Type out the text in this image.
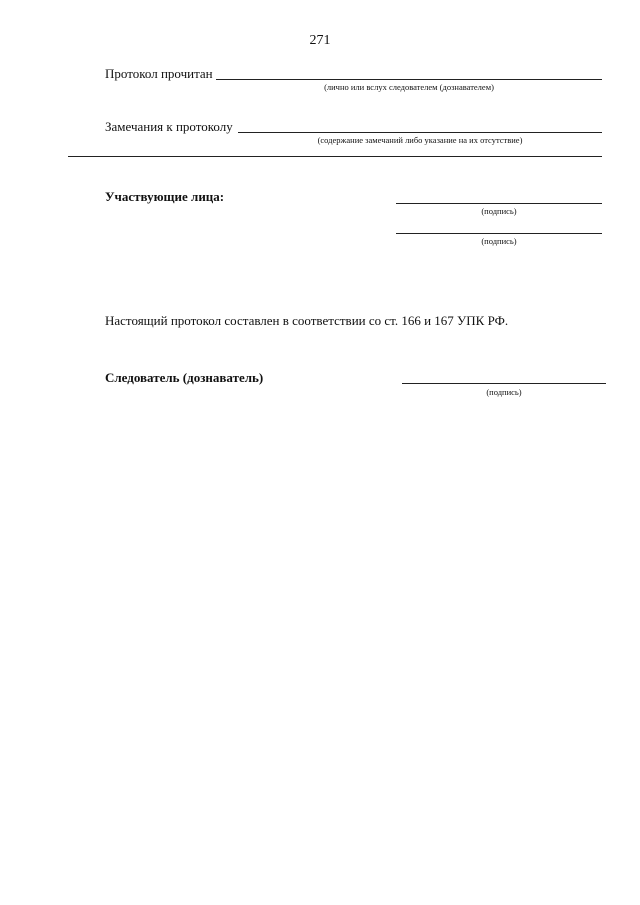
271
Протокол прочитан
(лично или вслух следователем (дознавателем)
Замечания к протоколу
(содержание замечаний либо указание на их отсутствие)
Участвующие лица:
(подпись)
(подпись)
Настоящий протокол составлен в соответствии со ст. 166 и 167 УПК РФ.
Следователь (дознаватель)
(подпись)
